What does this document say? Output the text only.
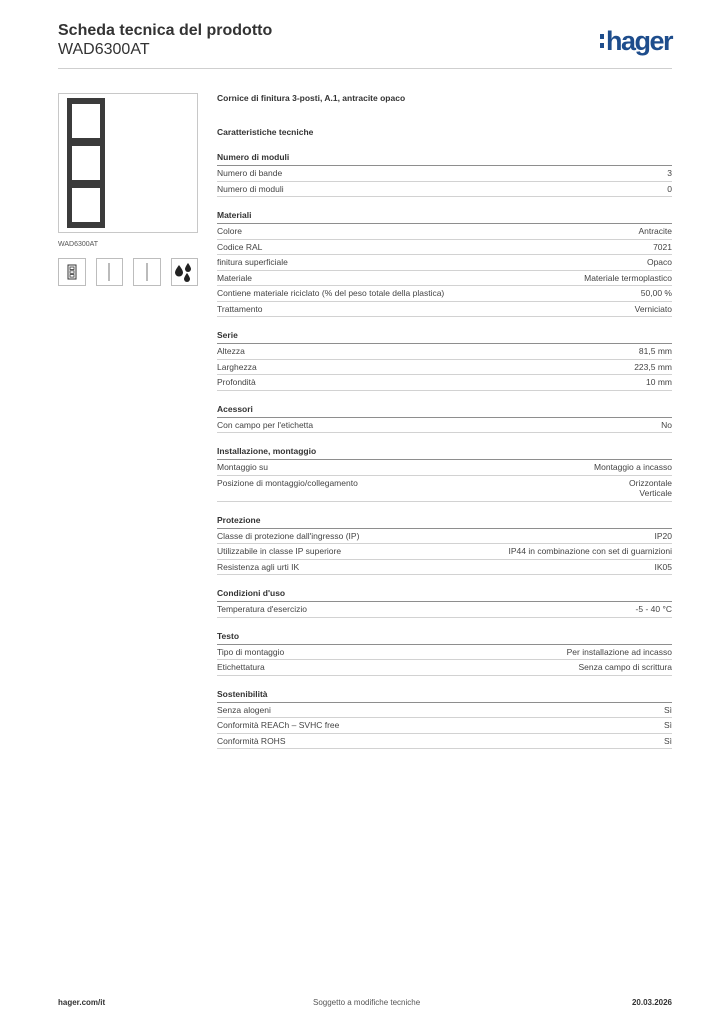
Scheda tecnica del prodotto
WAD6300AT	hager
WAD6300AT
Cornice di finitura 3-posti, A.1, antracite opaco
Caratteristiche tecniche
Numero di moduli
Numero di bande	3
Numero di moduli	0
Materiali
Colore	Antracite
Codice RAL	7021
finitura superficiale	Opaco
Materiale	Materiale termoplastico
Contiene materiale riciclato (% del peso totale della plastica)	50,00 %
Trattamento	Verniciato
Serie
Altezza	81,5 mm
Larghezza	223,5 mm
Profondità	10 mm
Acessori
Con campo per l'etichetta	No
Installazione, montaggio
Montaggio su	Montaggio a incasso
Posizione di montaggio/collegamento	Orizzontale
Verticale
Protezione
Classe di protezione dall'ingresso (IP)	IP20
Utilizzabile in classe IP superiore	IP44 in combinazione con set di guarnizioni
Resistenza agli urti IK	IK05
Condizioni d'uso
Temperatura d'esercizio	-5 - 40 °C
Testo
Tipo di montaggio	Per installazione ad incasso
Etichettatura	Senza campo di scrittura
Sostenibilità
Senza alogeni	Sì
Conformità REACh – SVHC free	Sì
Conformità ROHS	Sì
hager.com/it	Soggetto a modifiche tecniche	20.03.2026
